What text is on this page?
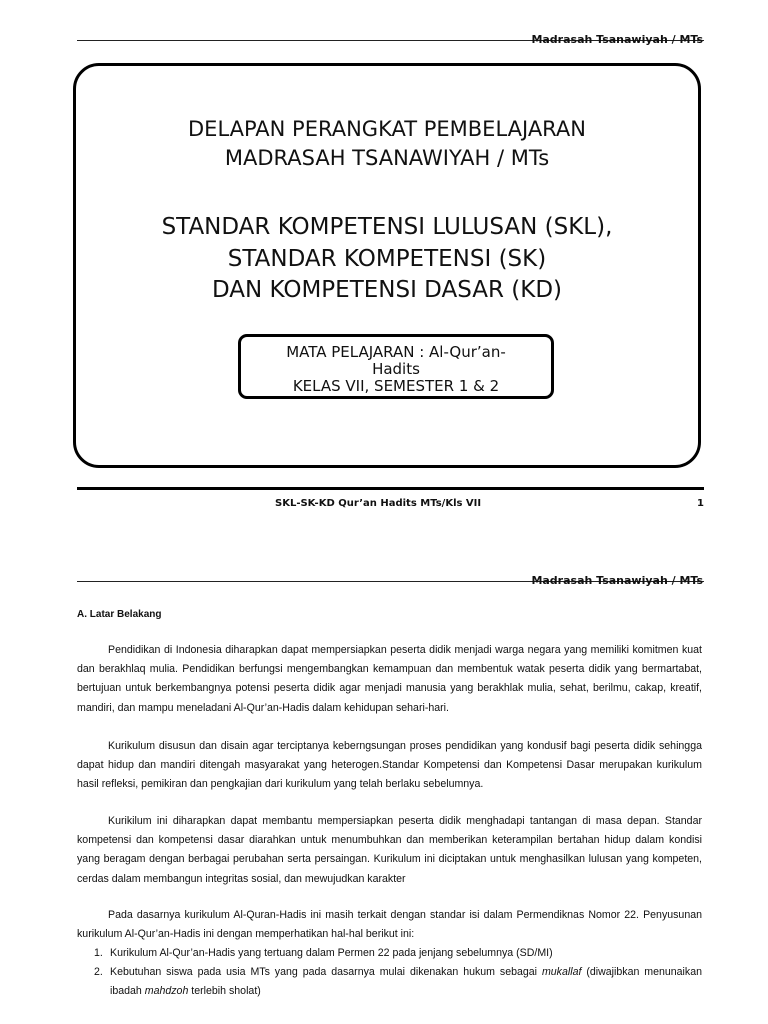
Madrasah Tsanawiyah / MTs
DELAPAN PERANGKAT PEMBELAJARAN
MADRASAH TSANAWIYAH / MTs
STANDAR KOMPETENSI LULUSAN (SKL),
STANDAR KOMPETENSI (SK)
DAN KOMPETENSI DASAR (KD)
MATA PELAJARAN : Al-Qur’an-
Hadits
KELAS VII, SEMESTER 1 & 2
SKL-SK-KD Qur’an Hadits MTs/Kls VII	1
Madrasah Tsanawiyah / MTs
A. Latar Belakang

Pendidikan di Indonesia diharapkan dapat mempersiapkan peserta didik menjadi warga negara yang memiliki komitmen kuat dan berakhlaq mulia. Pendidikan berfungsi mengembangkan kemampuan dan membentuk watak peserta didik yang bermartabat, bertujuan untuk berkembangnya potensi peserta didik agar menjadi manusia yang berakhlak mulia, sehat, berilmu, cakap, kreatif, mandiri, dan mampu meneladani Al-Qur’an-Hadis dalam kehidupan sehari-hari.

Kurikulum disusun dan disain agar terciptanya keberngsungan proses pendidikan yang kondusif bagi peserta didik sehingga dapat hidup dan mandiri ditengah masyarakat yang heterogen.Standar Kompetensi dan Kompetensi Dasar merupakan kurikulum hasil refleksi, pemikiran dan pengkajian dari kurikulum yang telah berlaku sebelumnya.

Kurikilum ini diharapkan dapat membantu mempersiapkan peserta didik menghadapi tantangan di masa depan. Standar kompetensi dan kompetensi dasar diarahkan untuk menumbuhkan dan memberikan keterampilan bertahan hidup dalam kondisi yang beragam dengan berbagai perubahan serta persaingan. Kurikulum ini diciptakan untuk menghasilkan lulusan yang kompeten, cerdas dalam membangun integritas sosial, dan mewujudkan karakter

Pada dasarnya kurikulum Al-Quran-Hadis ini masih terkait dengan standar isi dalam Permendiknas Nomor 22. Penyusunan kurikulum Al-Qur’an-Hadis ini dengan memperhatikan hal-hal berikut ini:

1. Kurikulum Al-Qur’an-Hadis yang tertuang dalam Permen 22 pada jenjang sebelumnya (SD/MI)
2. Kebutuhan siswa pada usia MTs yang pada dasarnya mulai dikenakan hukum sebagai mukallaf (diwajibkan menunaikan ibadah mahdzoh terlebih sholat)
